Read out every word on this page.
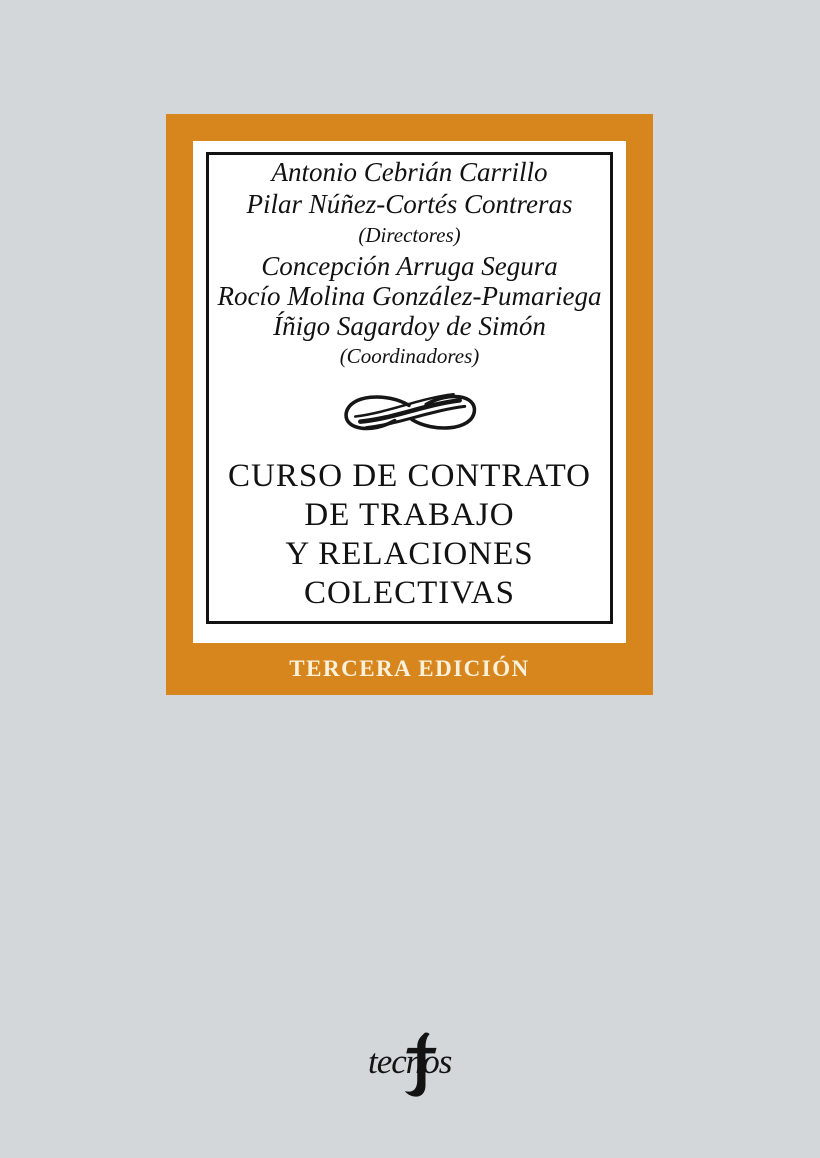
Antonio Cebrián Carrillo
Pilar Núñez-Cortés Contreras
(Directores)
Concepción Arruga Segura
Rocío Molina González-Pumariega
Íñigo Sagardoy de Simón
(Coordinadores)
CURSO DE CONTRATO
DE TRABAJO
Y RELACIONES
COLECTIVAS
TERCERA EDICIÓN
tecnos
